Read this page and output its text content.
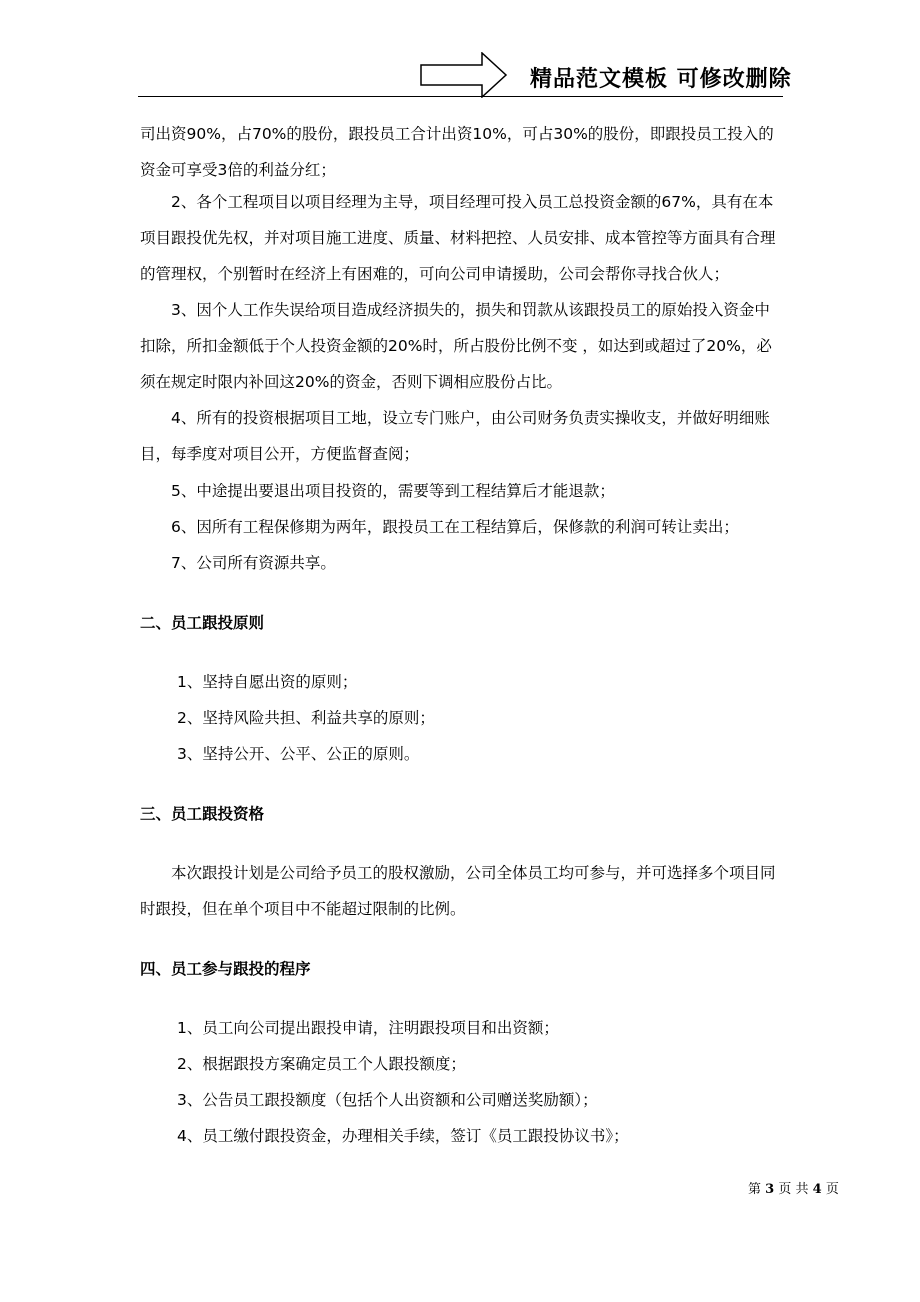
精品范文模板 可修改删除

司出资90%，占70%的股份，跟投员工合计出资10%，可占30%的股份，即跟投员工投入的资金可享受3倍的利益分红；

2、各个工程项目以项目经理为主导，项目经理可投入员工总投资金额的67%，具有在本项目跟投优先权，并对项目施工进度、质量、材料把控、人员安排、成本管控等方面具有合理的管理权，个别暂时在经济上有困难的，可向公司申请援助，公司会帮你寻找合伙人；

3、因个人工作失误给项目造成经济损失的，损失和罚款从该跟投员工的原始投入资金中扣除，所扣金额低于个人投资金额的20%时，所占股份比例不变 ，如达到或超过了20%，必须在规定时限内补回这20%的资金，否则下调相应股份占比。

4、所有的投资根据项目工地，设立专门账户，由公司财务负责实操收支，并做好明细账目，每季度对项目公开，方便监督查阅；

5、中途提出要退出项目投资的，需要等到工程结算后才能退款；

6、因所有工程保修期为两年，跟投员工在工程结算后，保修款的利润可转让卖出；

7、公司所有资源共享。

二、员工跟投原则
1、坚持自愿出资的原则；
2、坚持风险共担、利益共享的原则；
3、坚持公开、公平、公正的原则。
三、员工跟投资格

本次跟投计划是公司给予员工的股权激励，公司全体员工均可参与，并可选择多个项目同时跟投，但在单个项目中不能超过限制的比例。

四、员工参与跟投的程序
1、员工向公司提出跟投申请，注明跟投项目和出资额；
2、根据跟投方案确定员工个人跟投额度；
3、公告员工跟投额度（包括个人出资额和公司赠送奖励额）；
4、员工缴付跟投资金，办理相关手续，签订《员工跟投协议书》；
第 3 页 共 4 页
